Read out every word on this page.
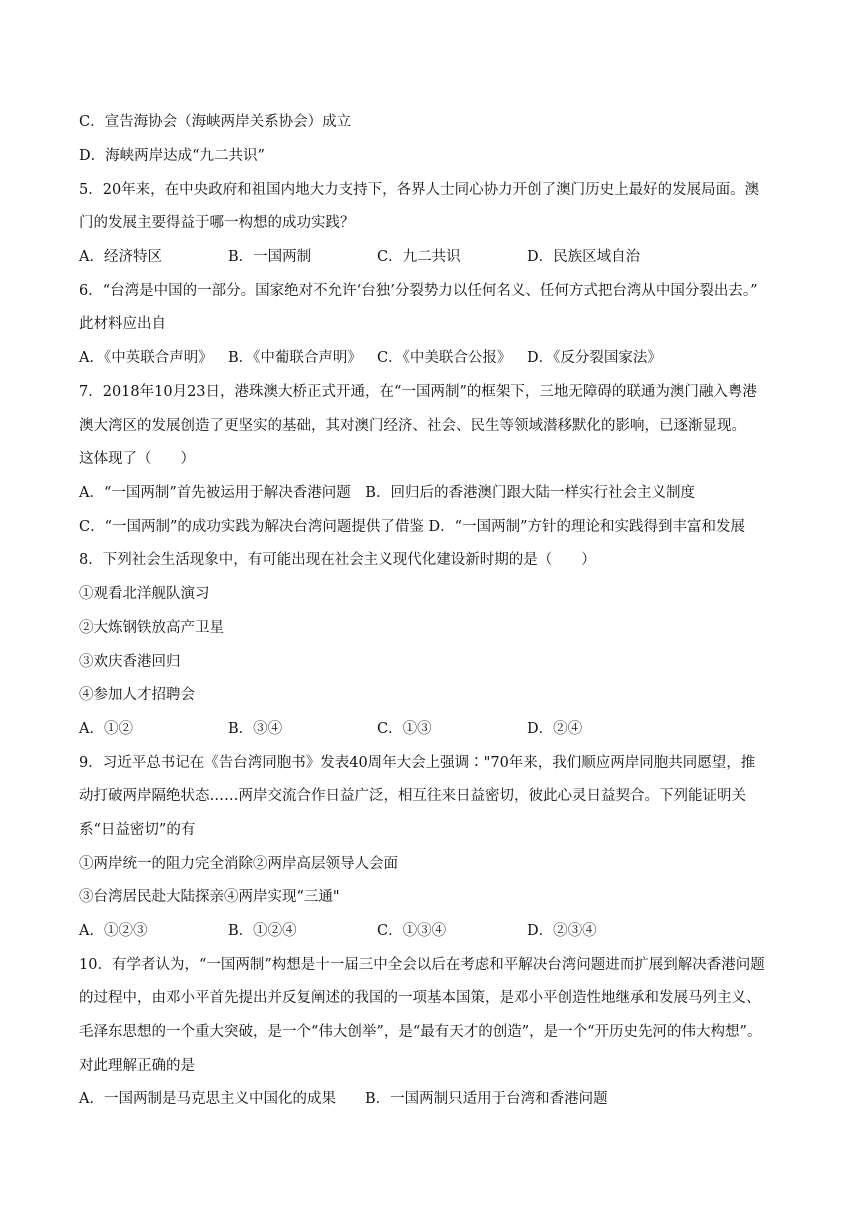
C．宣告海协会（海峡两岸关系协会）成立
D．海峡两岸达成“九二共识”
5．20年来，在中央政府和祖国内地大力支持下，各界人士同心协力开创了澳门历史上最好的发展局面。澳
门的发展主要得益于哪一构想的成功实践？
A．经济特区	B．一国两制	C．九二共识	D．民族区域自治
6．“台湾是中国的一部分。国家绝对不允许‘台独’分裂势力以任何名义、任何方式把台湾从中国分裂出去。”
此材料应出自
A．《中英联合声明》 B．《中葡联合声明》 C．《中美联合公报》 D．《反分裂国家法》
7．2018年10月23日，港珠澳大桥正式开通，在“一国两制”的框架下，三地无障碍的联通为澳门融入粤港
澳大湾区的发展创造了更坚实的基础，其对澳门经济、社会、民生等领域潜移默化的影响，已逐渐显现。
这体现了（　　）
A．“一国两制”首先被运用于解决香港问题　B．回归后的香港澳门跟大陆一样实行社会主义制度
C．“一国两制”的成功实践为解决台湾问题提供了借鉴 D．“一国两制”方针的理论和实践得到丰富和发展
8．下列社会生活现象中，有可能出现在社会主义现代化建设新时期的是（　　）
①观看北洋舰队演习
②大炼钢铁放高产卫星
③欢庆香港回归
④参加人才招聘会
A．①②	B．③④	C．①③	D．②④
9．习近平总书记在《告台湾同胞书》发表40周年大会上强调∶"70年来，我们顺应两岸同胞共同愿望，推
动打破两岸隔绝状态……两岸交流合作日益广泛，相互往来日益密切，彼此心灵日益契合。下列能证明关
系“日益密切”的有
①两岸统一的阻力完全消除②两岸高层领导人会面
③台湾居民赴大陆探亲④两岸实现“三通"
A．①②③	B．①②④	C．①③④	D．②③④
10．有学者认为，“一国两制”构想是十一届三中全会以后在考虑和平解决台湾问题进而扩展到解决香港问题
的过程中，由邓小平首先提出并反复阐述的我国的一项基本国策，是邓小平创造性地继承和发展马列主义、
毛泽东思想的一个重大突破，是一个“伟大创举”，是“最有天才的创造”，是一个“开历史先河的伟大构想”。
对此理解正确的是
A．一国两制是马克思主义中国化的成果　　B．一国两制只适用于台湾和香港问题
